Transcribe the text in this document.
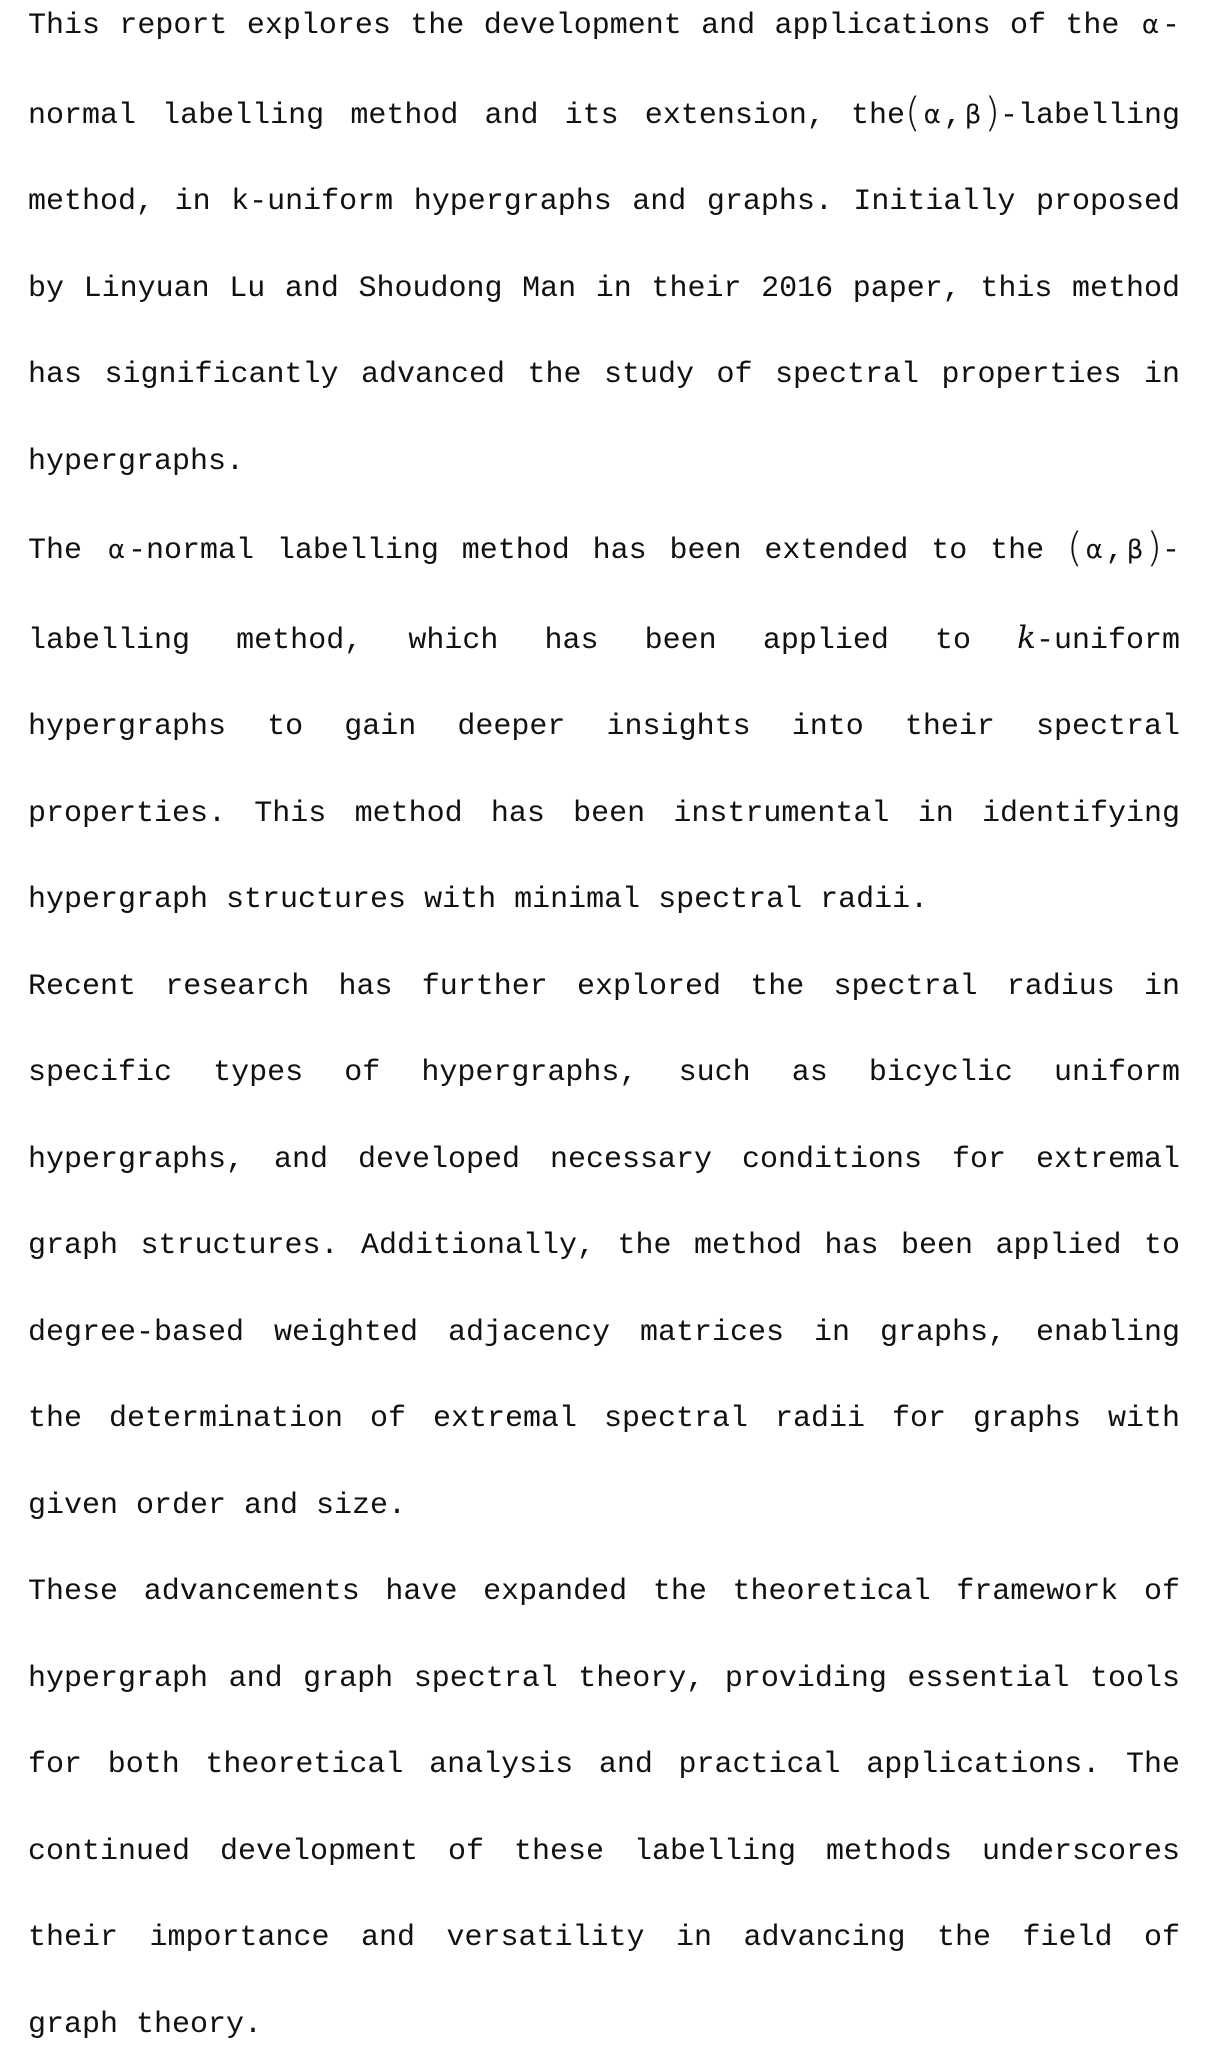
This report explores the development and applications of the α -normal labelling method and its extension, the( α , β)-labelling method, in k-uniform hypergraphs and graphs. Initially proposed by Linyuan Lu and Shoudong Man in their 2016 paper, this method has significantly advanced the study of spectral properties in hypergraphs.

The α -normal labelling method has been extended to the ( α , β)-labelling method, which has been applied to k-uniform hypergraphs to gain deeper insights into their spectral properties. This method has been instrumental in identifying hypergraph structures with minimal spectral radii.

Recent research has further explored the spectral radius in specific types of hypergraphs, such as bicyclic uniform hypergraphs, and developed necessary conditions for extremal graph structures. Additionally, the method has been applied to degree-based weighted adjacency matrices in graphs, enabling the determination of extremal spectral radii for graphs with given order and size.

These advancements have expanded the theoretical framework of hypergraph and graph spectral theory, providing essential tools for both theoretical analysis and practical applications. The continued development of these labelling methods underscores their importance and versatility in advancing the field of graph theory.
